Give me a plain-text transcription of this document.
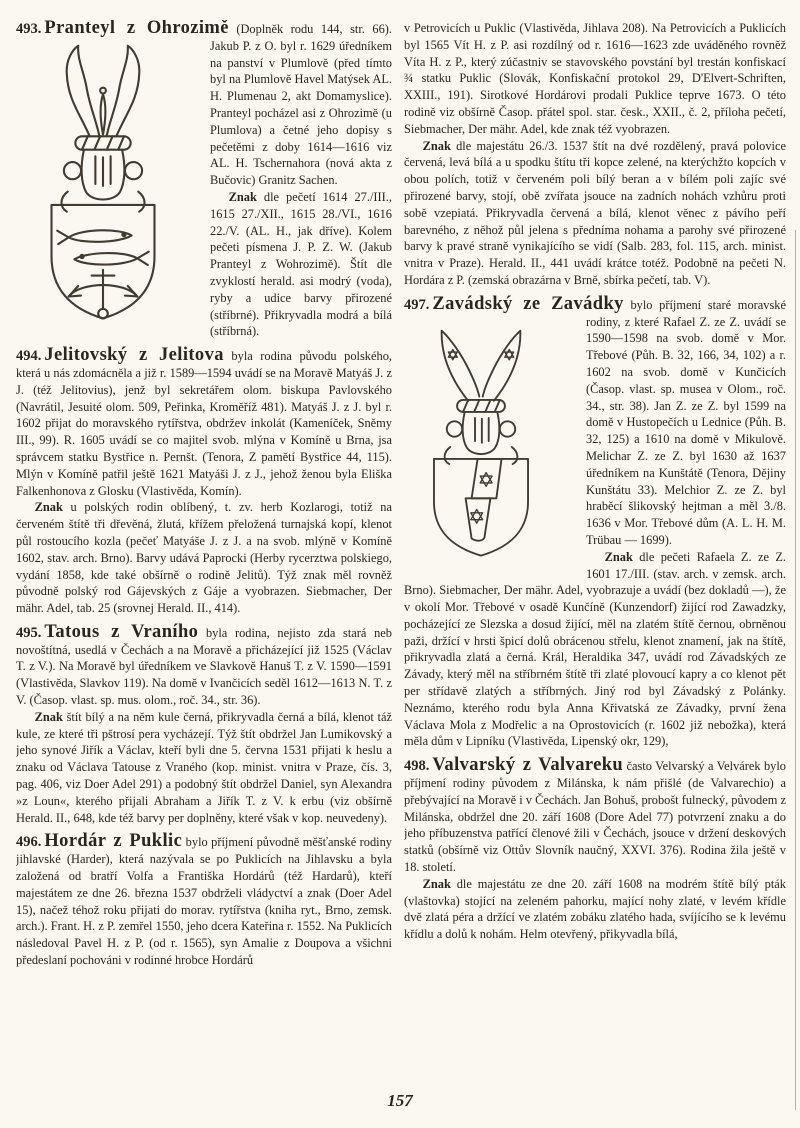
493. Pranteyl z Ohrozimě (Doplněk rodu 144, str. 66). Jakub P. z O. byl r. 1629 úředníkem na panství v Plumlově (před tímto byl na Plumlově Havel Matýsek AL. H. Plumenau 2, akt Domamyslice). Pranteyl pocházel asi z Ohrozimě (u Plumlova) a četné jeho dopisy s pečetěmi z doby 1614—1616 viz AL. H. Tschernahora (nová akta z Bučovic) Granitz Sachen.

Znak dle pečetí 1614 27./III., 1615 27./XII., 1615 28./VI., 1616 22./V. (AL. H., jak dříve). Kolem pečeti písmena J. P. Z. W. (Jakub Pranteyl z Wohrozimě). Štít dle zvyklostí herald. asi modrý (voda), ryby a udice barvy přirozené (stříbrné). Přikryvadla modrá a bílá (stříbrná).

494. Jelitovský z Jelitova byla rodina původu polského, která u nás zdomácněla a již r. 1589—1594 uvádí se na Moravě Matyáš J. z J. (též Jelitovius), jenž byl sekretářem olom. biskupa Pavlovského (Navrátil, Jesuité olom. 509, Peřinka, Kroměříž 481). Matyáš J. z J. byl r. 1602 přijat do moravského rytířstva, obdržev inkolát (Kameníček, Sněmy III., 99). R. 1605 uvádí se co majitel svob. mlýna v Komíně u Brna, jsa správcem statku Bystřice n. Pernšt. (Tenora, Z pamětí Bystřice 44, 115). Mlýn v Komíně patřil ještě 1621 Matyáši J. z J., jehož ženou byla Eliška Falkenhonova z Glosku (Vlastivěda, Komín).

Znak u polských rodin oblíbený, t. zv. herb Kozlarogi, totiž na červeném štítě tři dřevěná, žlutá, křížem přeložená turnajská kopí, klenot půl rostoucího kozla (pečeť Matyáše J. z J. a na svob. mlýně v Komíně 1602, stav. arch. Brno). Barvy udává Paprocki (Herby rycerztwa polskiego, vydání 1858, kde také obšírně o rodině Jelitů). Týž znak měl rovněž původně polský rod Gájevských z Gáje a vyobrazen. Siebmacher, Der mähr. Adel, tab. 25 (srovnej Herald. II., 414).

495. Tatous z Vraního byla rodina, nejisto zda stará neb novoštítná, usedlá v Čechách a na Moravě a přicházející již 1525 (Václav T. z V.). Na Moravě byl úředníkem ve Slavkově Hanuš T. z V. 1590—1591 (Vlastivěda, Slavkov 119). Na domě v Ivančicích seděl 1612—1613 N. T. z V. (Časop. vlast. sp. mus. olom., roč. 34., str. 36).

Znak štít bílý a na něm kule černá, přikryvadla černá a bílá, klenot táž kule, ze které tři pštrosí pera vycházejí. Týž štít obdržel Jan Lumikovský a jeho synové Jiřík a Václav, kteří byli dne 5. června 1531 přijati k heslu a znaku od Václava Tatouse z Vraného (kop. minist. vnitra v Praze, čís. 3, pag. 406, viz Doer Adel 291) a podobný štít obdržel Daniel, syn Alexandra »z Loun«, kterého přijali Abraham a Jiřík T. z V. k erbu (viz obšírně Herald. II., 648, kde též barvy per doplněny, které však v kop. neuvedeny).

496. Hordár z Puklic bylo příjmení původně měšťanské rodiny jihlavské (Harder), která nazývala se po Puklicích na Jihlavsku a byla založená od bratří Volfa a Františka Hordárů (též Hardarů), kteří majestátem ze dne 26. března 1537 obdrželi vládyctví a znak (Doer Adel 15), načež téhož roku přijati do morav. rytířstva (kniha ryt., Brno, zemsk. arch.). Frant. H. z P. zemřel 1550, jeho dcera Kateřina r. 1552. Na Puklicích následoval Pavel H. z P. (od r. 1565), syn Amalie z Doupova a všichni předeslaní pochováni v rodinné hrobce Hordárů

v Petrovicích u Puklic (Vlastivěda, Jihlava 208). Na Petrovicích a Puklicích byl 1565 Vít H. z P. asi rozdílný od r. 1616—1623 zde uváděného rovněž Víta H. z P., který zúčastniv se stavovského povstání byl trestán konfiskací ¾ statku Puklic (Slovák, Konfiskační protokol 29, D'Elvert-Schriften, XXIII., 191). Sirotkové Hordárovi prodali Puklice teprve 1673. O této rodině viz obšírně Časop. přátel spol. star. česk., XXII., č. 2, příloha pečetí, Siebmacher, Der mähr. Adel, kde znak též vyobrazen.

Znak dle majestátu 26./3. 1537 štít na dvé rozdělený, pravá polovice červená, levá bílá a u spodku štítu tři kopce zelené, na kterýchžto kopcích v obou polích, totiž v červeném poli bílý beran a v bílém poli zajíc své přirozené barvy, stojí, obě zvířata jsouce na zadních nohách vzhůru proti sobě vzepiatá. Přikryvadla červená a bílá, klenot věnec z pávího peří barevného, z něhož půl jelena s předníma nohama a parohy své přirozené barvy k pravé straně vynikajícího se vidí (Salb. 283, fol. 115, arch. minist. vnitra v Praze). Herald. II., 441 uvádí krátce totéž. Podobně na pečeti N. Hordára z P. (zemská obrazárna v Brně, sbírka pečetí, tab. V).

497. Zavádský ze Zavádky bylo příjmení staré moravské rodiny, z které Rafael Z. ze Z. uvádí se 1590—1598 na svob. domě v Mor. Třebové (Půh. B. 32, 166, 34, 102) a r. 1602 na svob. domě v Kunčicích (Časop. vlast. sp. musea v Olom., roč. 34., str. 38). Jan Z. ze Z. byl 1599 na domě v Hustopečích u Lednice (Půh. B. 32, 125) a 1610 na domě v Mikulově. Melichar Z. ze Z. byl 1630 až 1637 úředníkem na Kunštátě (Tenora, Dějiny Kunštátu 33). Melchior Z. ze Z. byl hraběcí šlikovský hejtman a měl 3./8. 1636 v Mor. Třebové dům (A. L. H. M. Trübau — 1699).

Znak dle pečeti Rafaela Z. ze Z. 1601 17./III. (stav. arch. v zemsk. arch. Brno). Siebmacher, Der mähr. Adel, vyobrazuje a uvádí (bez dokladů —), že v okolí Mor. Třebové v osadě Kunčíně (Kunzendorf) žijící rod Zawadzky, pocházející ze Slezska a dosud žijící, měl na zlatém štítě černou, obrněnou paži, držící v hrsti špicí dolů obrácenou střelu, klenot znamení, jak na štítě, přikryvadla zlatá a černá. Král, Heraldika 347, uvádí rod Závadských ze Závady, který měl na stříbrném štítě tři zlaté plovoucí kapry a co klenot pět per střídavě zlatých a stříbrných. Jiný rod byl Závadský z Polánky. Neznámo, kterého rodu byla Anna Křivatská ze Závadky, první žena Václava Mola z Modřelic a na Oprostovicích (r. 1602 již nebožka), která měla dům v Lipníku (Vlastivěda, Lipenský okr, 129),

498. Valvarský z Valvareku často Velvarský a Velvárek bylo příjmení rodiny původem z Milánska, k nám přišlé (de Valvarechio) a přebývající na Moravě i v Čechách. Jan Bohuš, probošt fulnecký, původem z Milánska, obdržel dne 20. září 1608 (Dore Adel 77) potvrzení znaku a do jeho příbuzenstva patřící členové žili v Čechách, jsouce v držení deskových statků (obšírně viz Ottův Slovník naučný, XXVI. 376). Rodina žila ještě v 18. století.

Znak dle majestátu ze dne 20. září 1608 na modrém štítě bílý pták (vlaštovka) stojící na zeleném pahorku, mající nohy zlaté, v levém křídle dvě zlatá péra a držící ve zlatém zobáku zlatého hada, svíjícího se k levému křídlu a dolů k nohám. Helm otevřený, přikyvadla bílá,

157
